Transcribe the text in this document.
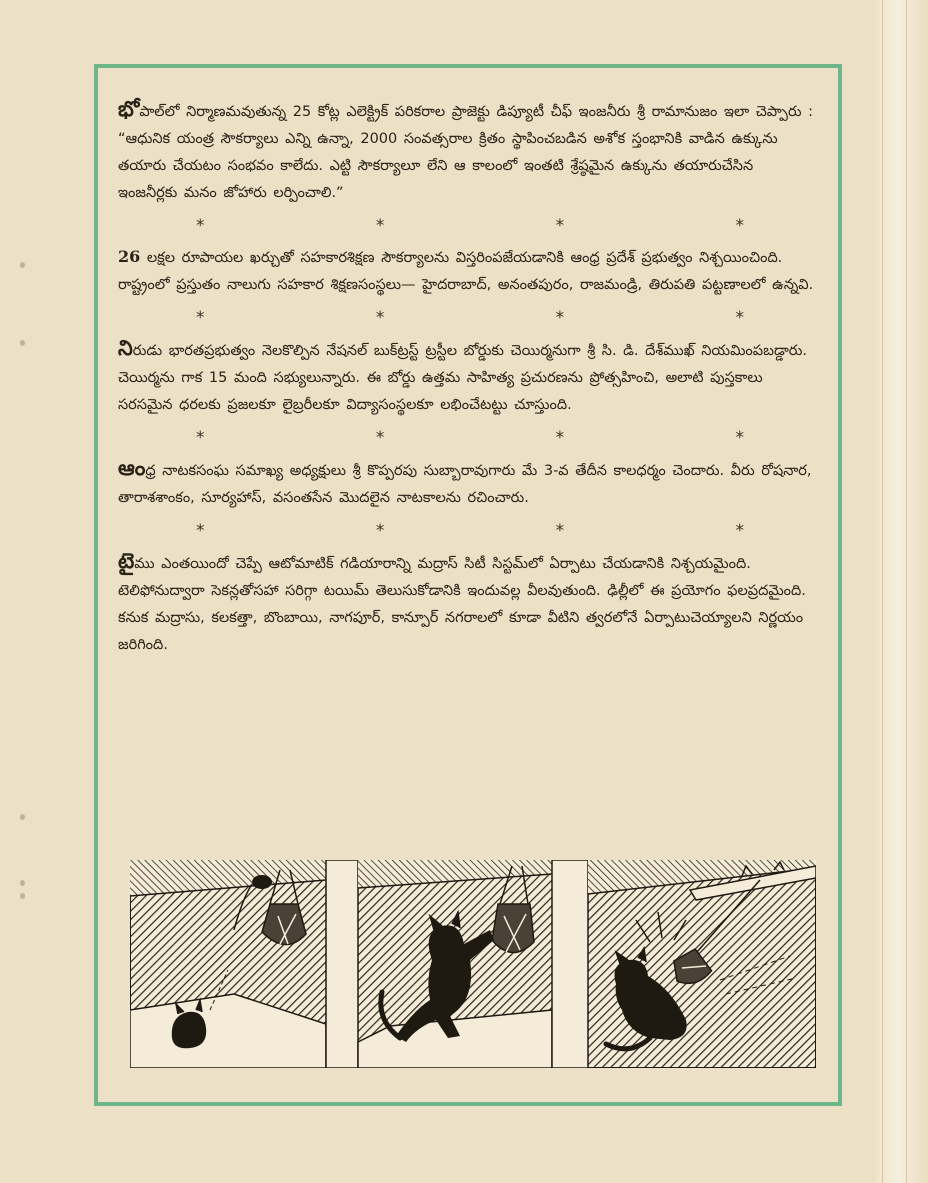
భోపాల్‌లో నిర్మాణమవుతున్న 25 కోట్ల ఎలెక్ట్రిక్ పరికరాల ప్రాజెక్టు డిప్యూటీ చీఫ్ ఇంజనీరు శ్రీ రామానుజం ఇలా చెప్పారు : “ఆధునిక యంత్ర సౌకర్యాలు ఎన్ని ఉన్నా, 2000 సంవత్సరాల క్రితం స్థాపించబడిన అశోక స్తంభానికి వాడిన ఉక్కును తయారు చేయటం సంభవం కాలేదు. ఎట్టి సౌకర్యాలూ లేని ఆ కాలంలో ఇంతటి శ్రేష్ఠమైన ఉక్కును తయారుచేసిన ఇంజనీర్లకు మనం జోహారు లర్పించాలి.”

*	*	*	*

26 లక్షల రూపాయల ఖర్చుతో సహకారశిక్షణ సౌకర్యాలను విస్తరింపజేయడానికి ఆంధ్ర ప్రదేశ్ ప్రభుత్వం నిశ్చయించింది. రాష్ట్రంలో ప్రస్తుతం నాలుగు సహకార శిక్షణసంస్థలు— హైదరాబాద్, అనంతపురం, రాజమండ్రి, తిరుపతి పట్టణాలలో ఉన్నవి.

*	*	*	*

నిరుడు భారతప్రభుత్వం నెలకొల్పిన నేషనల్ బుక్‌ట్రస్ట్ ట్రస్టీల బోర్డుకు చెయిర్మనుగా శ్రీ సి. డి. దేశ్‌ముఖ్ నియమింపబడ్డారు. చెయిర్మను గాక 15 మంది సభ్యులున్నారు. ఈ బోర్డు ఉత్తమ సాహిత్య ప్రచురణను ప్రోత్సహించి, అలాటి పుస్తకాలు సరసమైన ధరలకు ప్రజలకూ లైబ్రరీలకూ విద్యాసంస్థలకూ లభించేటట్టు చూస్తుంది.

*	*	*	*

ఆంధ్ర నాటకసంఘ సమాఖ్య అధ్యక్షులు శ్రీ కొప్పరపు సుబ్బారావుగారు మే 3-వ తేదీన కాలధర్మం చెందారు. వీరు రోషనార, తారాశశాంకం, సూర్యహాస్, వసంతసేన మొదలైన నాటకాలను రచించారు.

*	*	*	*

టైము ఎంతయిందో చెప్పే ఆటోమాటిక్ గడియారాన్ని మద్రాస్ సిటీ సిస్టమ్‌లో ఏర్పాటు చేయడానికి నిశ్చయమైంది. టెలిఫోనుద్వారా సెకన్లతోసహా సరిగ్గా టయిమ్ తెలుసుకోడానికి ఇందువల్ల వీలవుతుంది. ఢిల్లీలో ఈ ప్రయోగం ఫలప్రదమైంది. కనుక మద్రాసు, కలకత్తా, బొంబాయి, నాగపూర్, కాన్పూర్ నగరాలలో కూడా వీటిని త్వరలోనే ఏర్పాటుచెయ్యాలని నిర్ణయం జరిగింది.
